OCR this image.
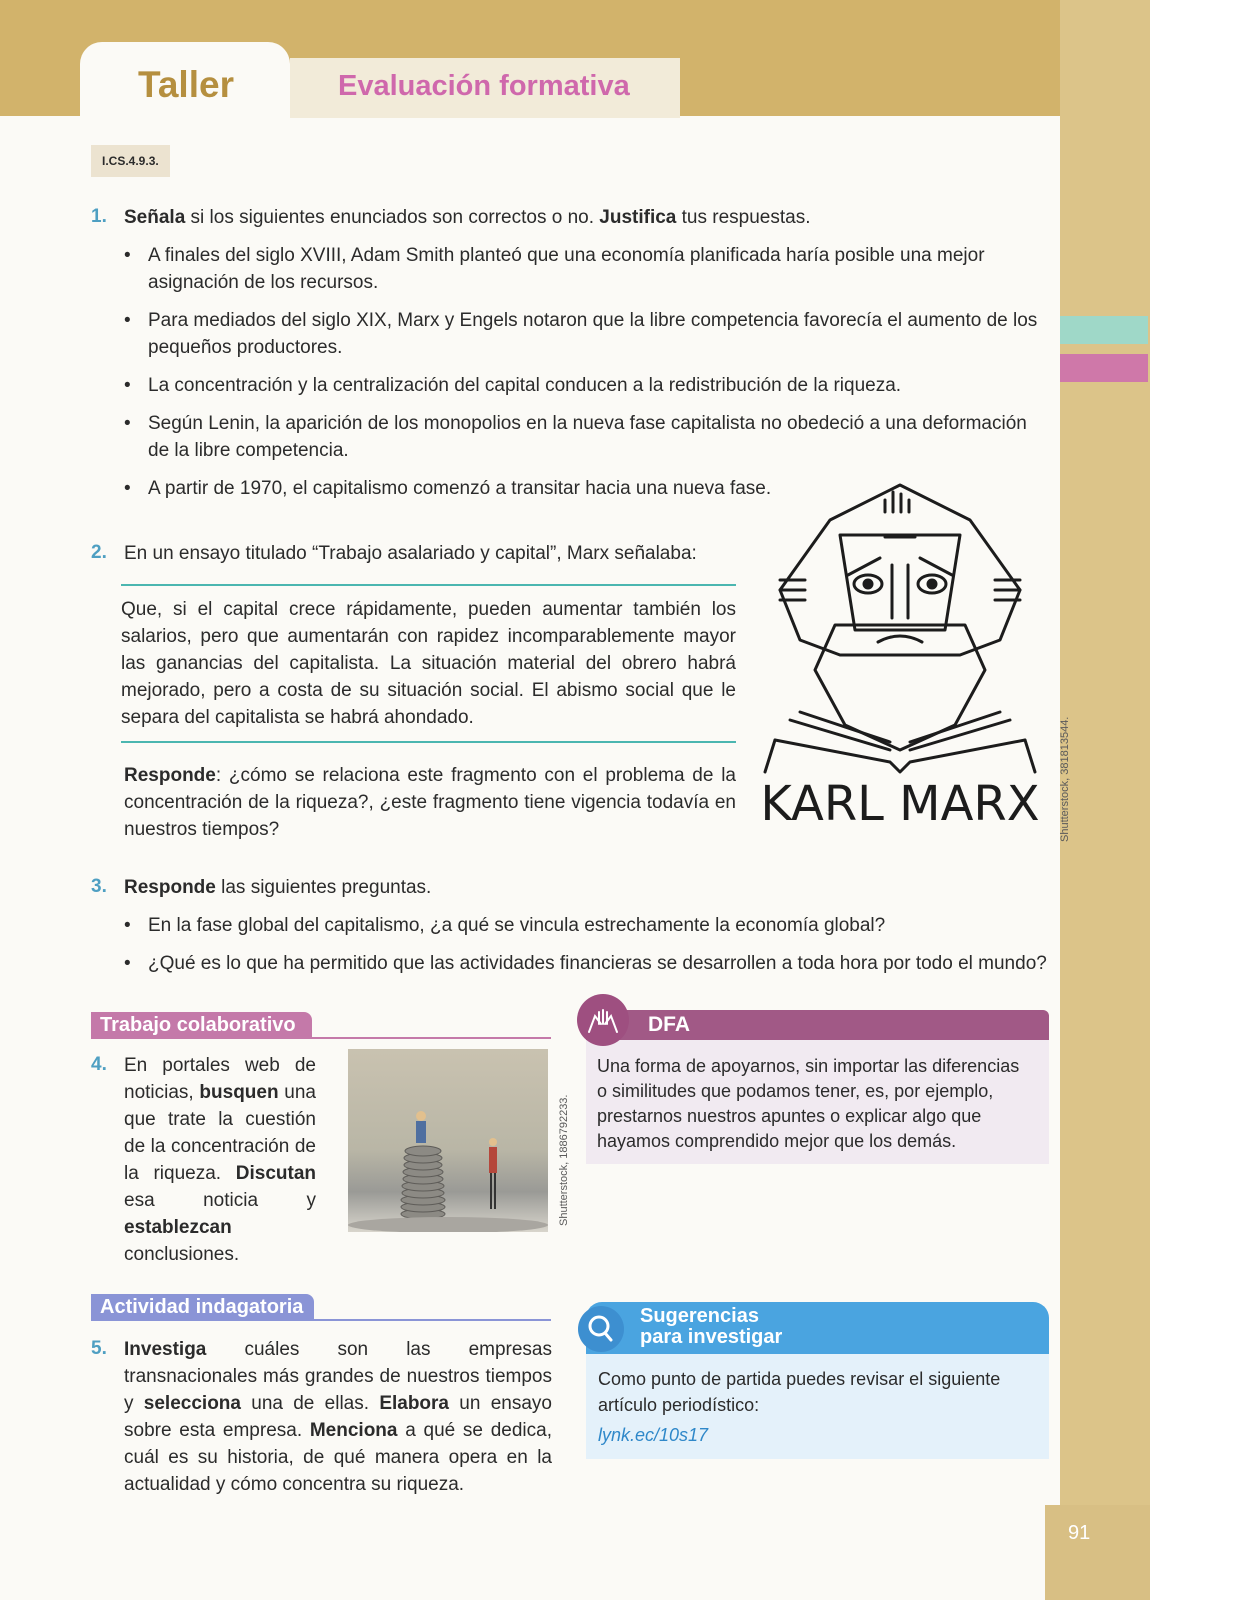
91
Taller	Evaluación formativa
I.CS.4.9.3.
1. Señala si los siguientes enunciados son correctos o no. Justifica tus respuestas.
• A finales del siglo XVIII, Adam Smith planteó que una economía planificada haría posible una mejor asignación de los recursos.
• Para mediados del siglo XIX, Marx y Engels notaron que la libre competencia favorecía el aumento de los pequeños productores.
• La concentración y la centralización del capital conducen a la redistribución de la riqueza.
• Según Lenin, la aparición de los monopolios en la nueva fase capitalista no obedeció a una deformación de la libre competencia.
• A partir de 1970, el capitalismo comenzó a transitar hacia una nueva fase.
2. En un ensayo titulado “Trabajo asalariado y capital”, Marx señalaba:
Que, si el capital crece rápidamente, pueden aumentar también los salarios, pero que aumentarán con rapidez incomparablemente mayor las ganancias del capitalista. La situación material del obrero habrá mejorado, pero a costa de su situación social. El abismo social que le separa del capitalista se habrá ahondado.
Responde: ¿cómo se relaciona este fragmento con el problema de la concentración de la riqueza?, ¿este fragmento tiene vigencia todavía en nuestros tiempos?	KARL MARX Shutterstock, 381813544.
3. Responde las siguientes preguntas.
• En la fase global del capitalismo, ¿a qué se vincula estrechamente la economía global?
• ¿Qué es lo que ha permitido que las actividades financieras se desarrollen a toda hora por todo el mundo?
Trabajo colaborativo
4. En portales web de noticias, busquen una que trate la cuestión de la concentración de la riqueza. Discutan esa noticia y establezcan conclusiones.
Shutterstock, 1886792233.
DFA
Una forma de apoyarnos, sin importar las diferencias o similitudes que podamos tener, es, por ejemplo, prestarnos nuestros apuntes o explicar algo que hayamos comprendido mejor que los demás.
Actividad indagatoria
5. Investiga cuáles son las empresas transnacionales más grandes de nuestros tiempos y selecciona una de ellas. Elabora un ensayo sobre esta empresa. Menciona a qué se dedica, cuál es su historia, de qué manera opera en la actualidad y cómo concentra su riqueza.
Sugerencias
para investigar
Como punto de partida puedes revisar el siguiente artículo periodístico:
lynk.ec/10s17
